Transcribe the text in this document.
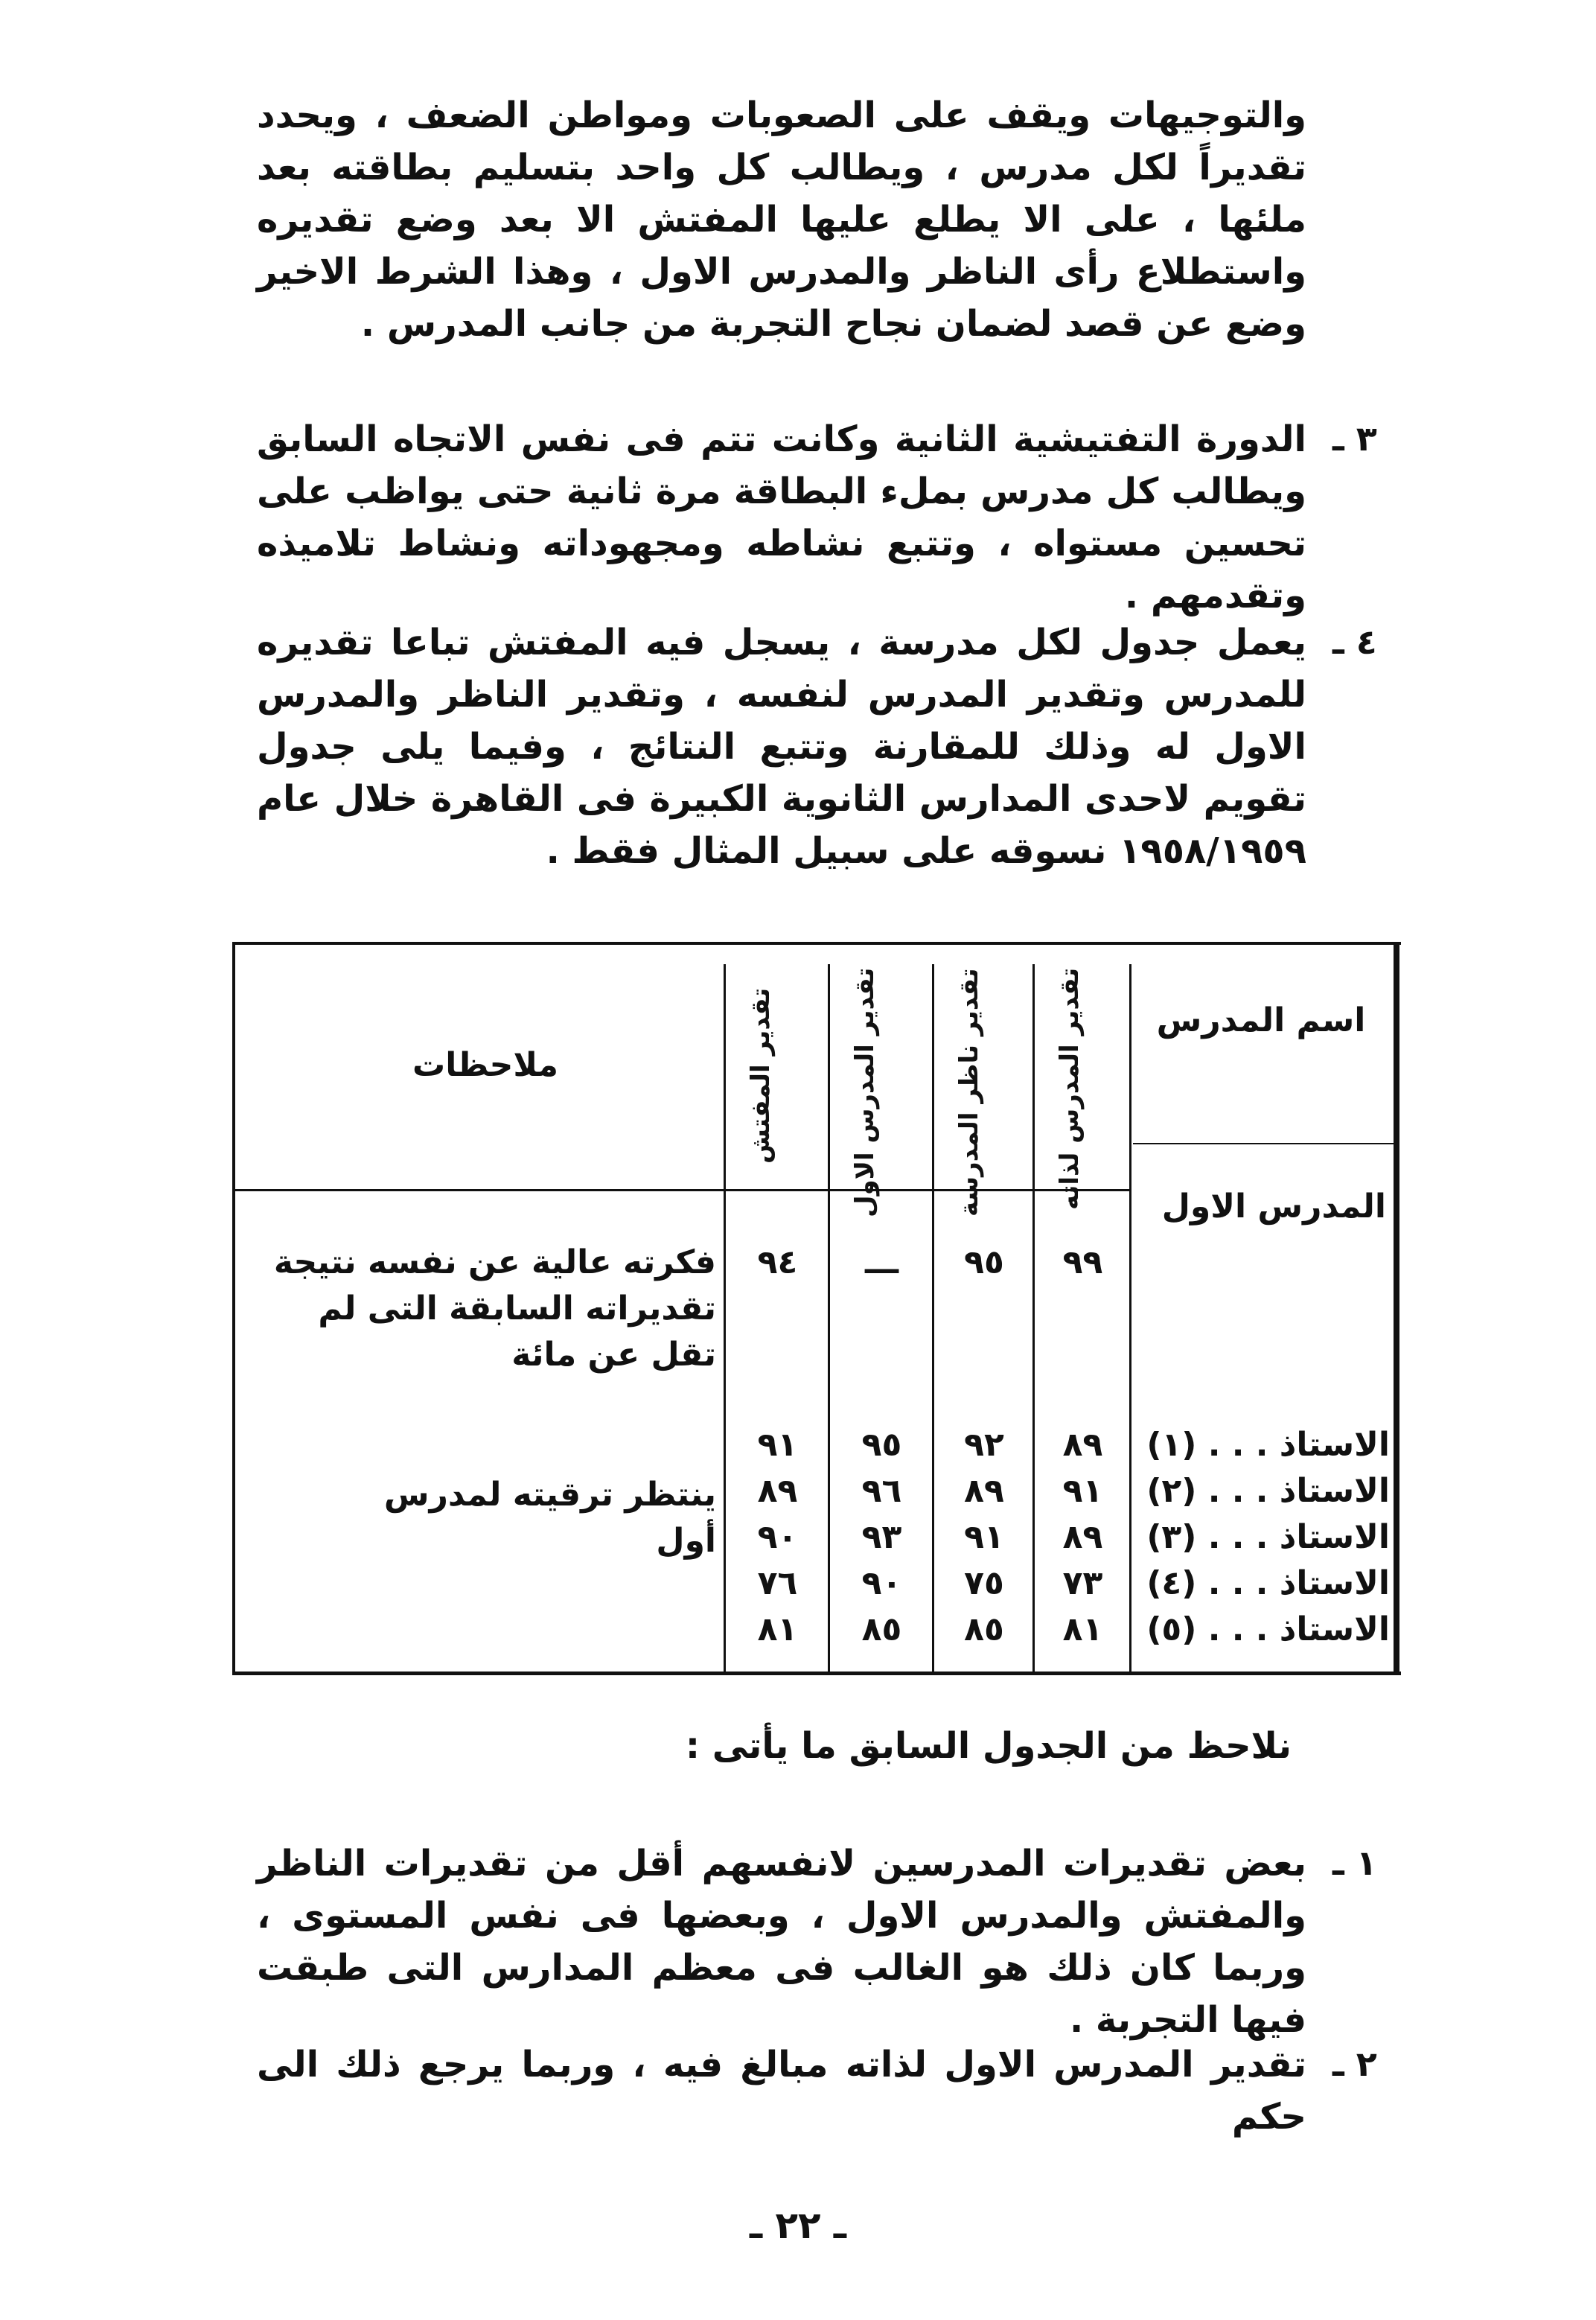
والتوجيهات ويقف على الصعوبات ومواطن الضعف ، ويحدد تقديراً لكل مدرس ، ويطالب كل واحد بتسليم بطاقته بعد ملئها ، على الا يطلع عليها المفتش الا بعد وضع تقديره واستطلاع رأى الناظر والمدرس الاول ، وهذا الشرط الاخير وضع عن قصد لضمان نجاح التجربة من جانب المدرس .

٣ ـ

الدورة التفتيشية الثانية وكانت تتم فى نفس الاتجاه السابق ويطالب كل مدرس بملء البطاقة مرة ثانية حتى يواظب على تحسين مستواه ، وتتبع نشاطه ومجهوداته ونشاط تلاميذه وتقدمهم .

٤ ـ

يعمل جدول لكل مدرسة ، يسجل فيه المفتش تباعا تقديره للمدرس وتقدير المدرس لنفسه ، وتقدير الناظر والمدرس الاول له وذلك للمقارنة وتتبع النتائج ، وفيما يلى جدول تقويم لاحدى المدارس الثانوية الكبيرة فى القاهرة خلال عام ١٩٥٨/١٩٥٩ نسوقه على سبيل المثال فقط .

اسم المدرس
تقدير المدرس لذاته
تقدير ناظر المدرسة
تقدير المدرس الاول
تقدير المفتش
ملاحظات
المدرس الاول
٩٩
٩٥
ـــ
٩٤
فكرته عالية عن نفسه نتيجة تقديراته السابقة التى لم تقل عن مائة
الاستاذ . . . (١)
٨٩
٩٢
٩٥
٩١
الاستاذ . . . (٢)
٩١
٨٩
٩٦
٨٩
ينتظر ترقيته لمدرس أول	الاستاذ . . . (٣)
٨٩
٩١
٩٣
٩٠
الاستاذ . . . (٤)
٧٣
٧٥
٩٠
٧٦
الاستاذ . . . (٥)
٨١
٨٥
٨٥
٨١

نلاحظ من الجدول السابق ما يأتى :

١ ـ

بعض تقديرات المدرسين لانفسهم أقل من تقديرات الناظر والمفتش والمدرس الاول ، وبعضها فى نفس المستوى ، وربما كان ذلك هو الغالب فى معظم المدارس التى طبقت فيها التجربة .

٢ ـ

تقدير المدرس الاول لذاته مبالغ فيه ، وربما يرجع ذلك الى حكم

ـ ٢٢ ـ
